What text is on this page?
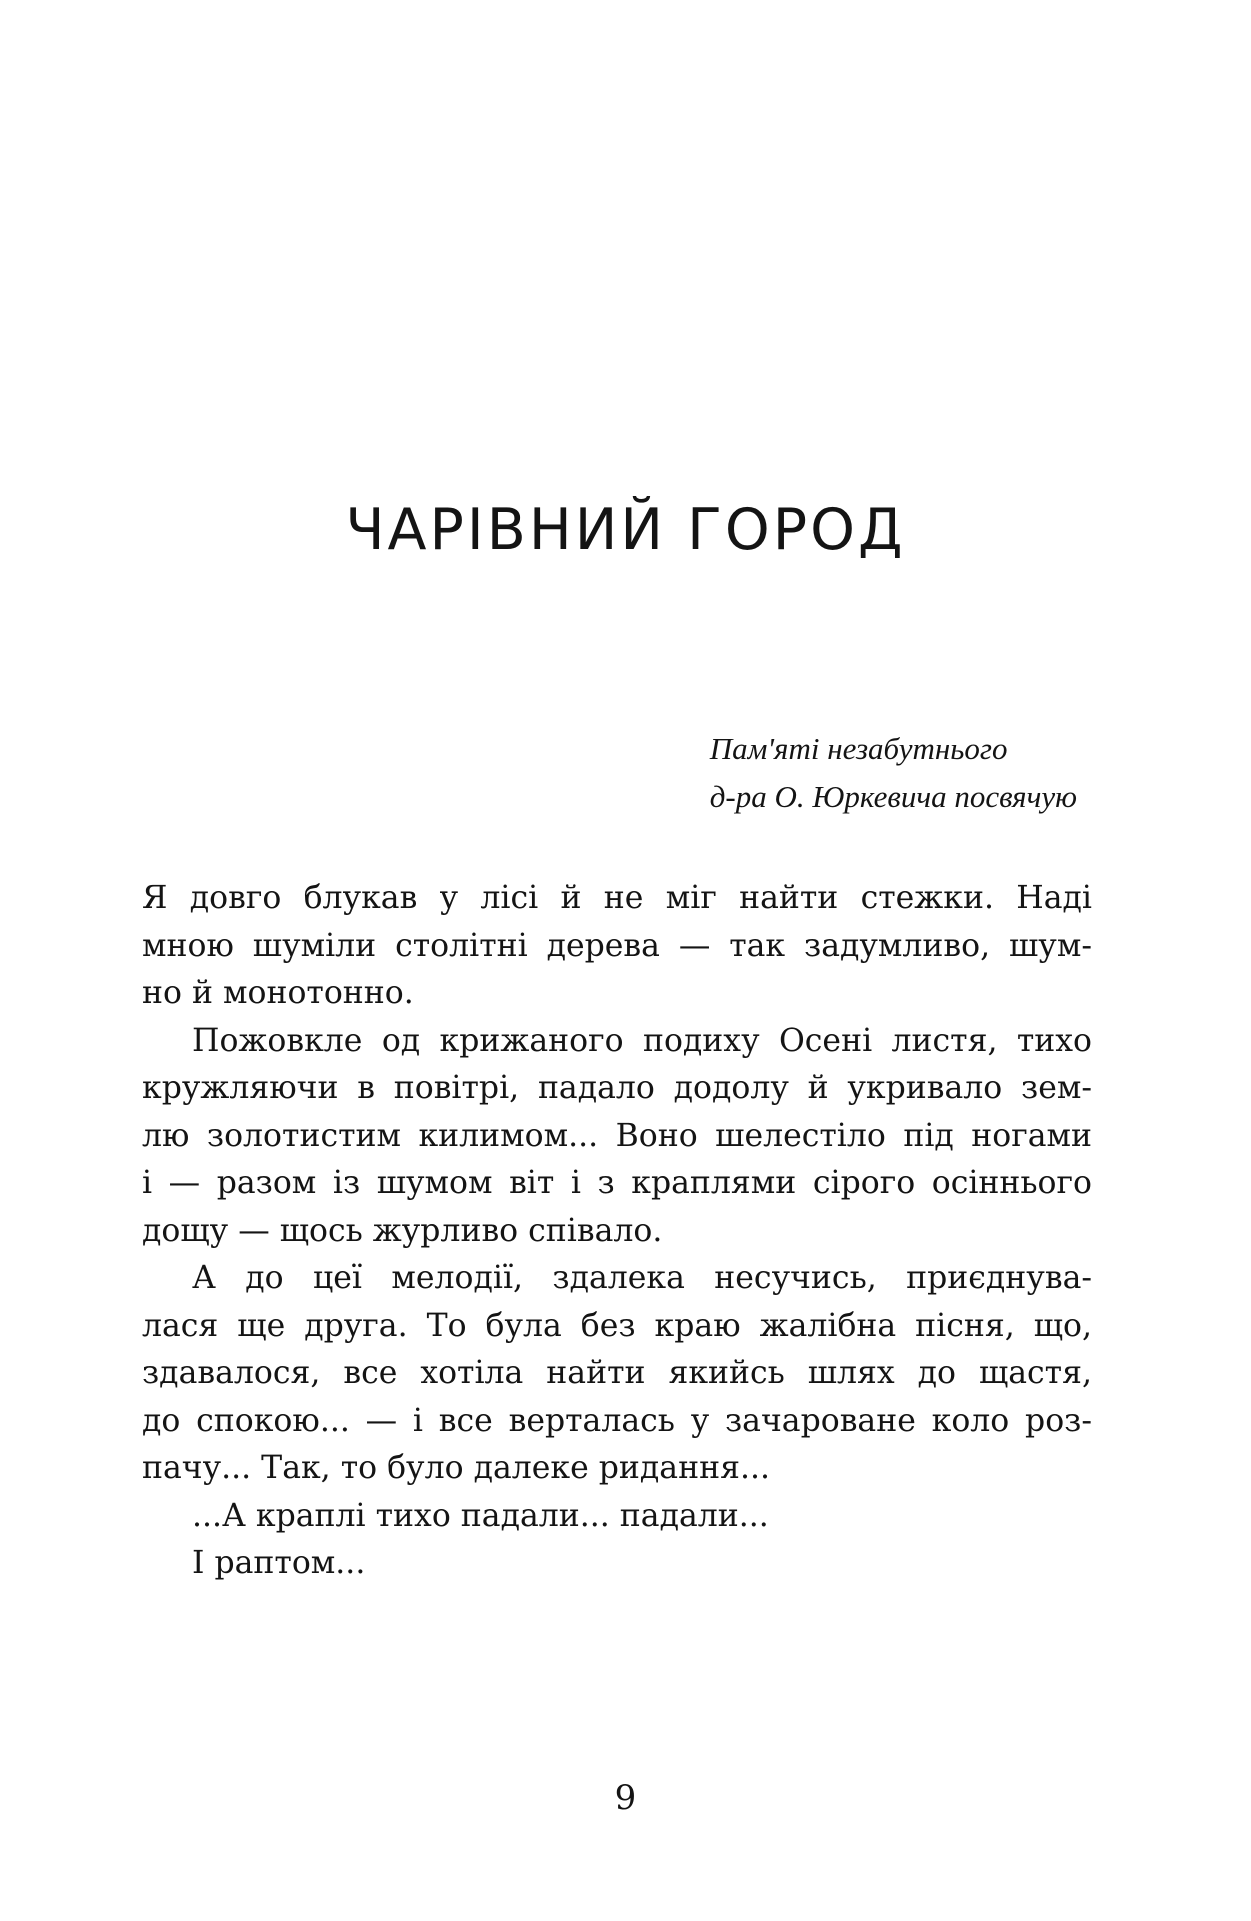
ЧАРІВНИЙ ГОРОД
Пам'яті незабутнього
д-ра О. Юркевича посвячую
Я довго блукав у лісі й не міг найти стежки. Наді
мною шуміли столітні дерева — так задумливо, шум-
но й монотонно.
Пожовкле од крижаного подиху Осені листя, тихо
кружляючи в повітрі, падало додолу й укривало зем-
лю золотистим килимом... Воно шелестіло під ногами
і — разом із шумом віт і з краплями сірого осіннього
дощу — щось журливо співало.
А до цеї мелодії, здалека несучись, приєднува-
лася ще друга. То була без краю жалібна пісня, що,
здавалося, все хотіла найти якийсь шлях до щастя,
до спокою... — і все верталась у зачароване коло роз-
пачу... Так, то було далеке ридання...
...А краплі тихо падали... падали...
І раптом...
9
